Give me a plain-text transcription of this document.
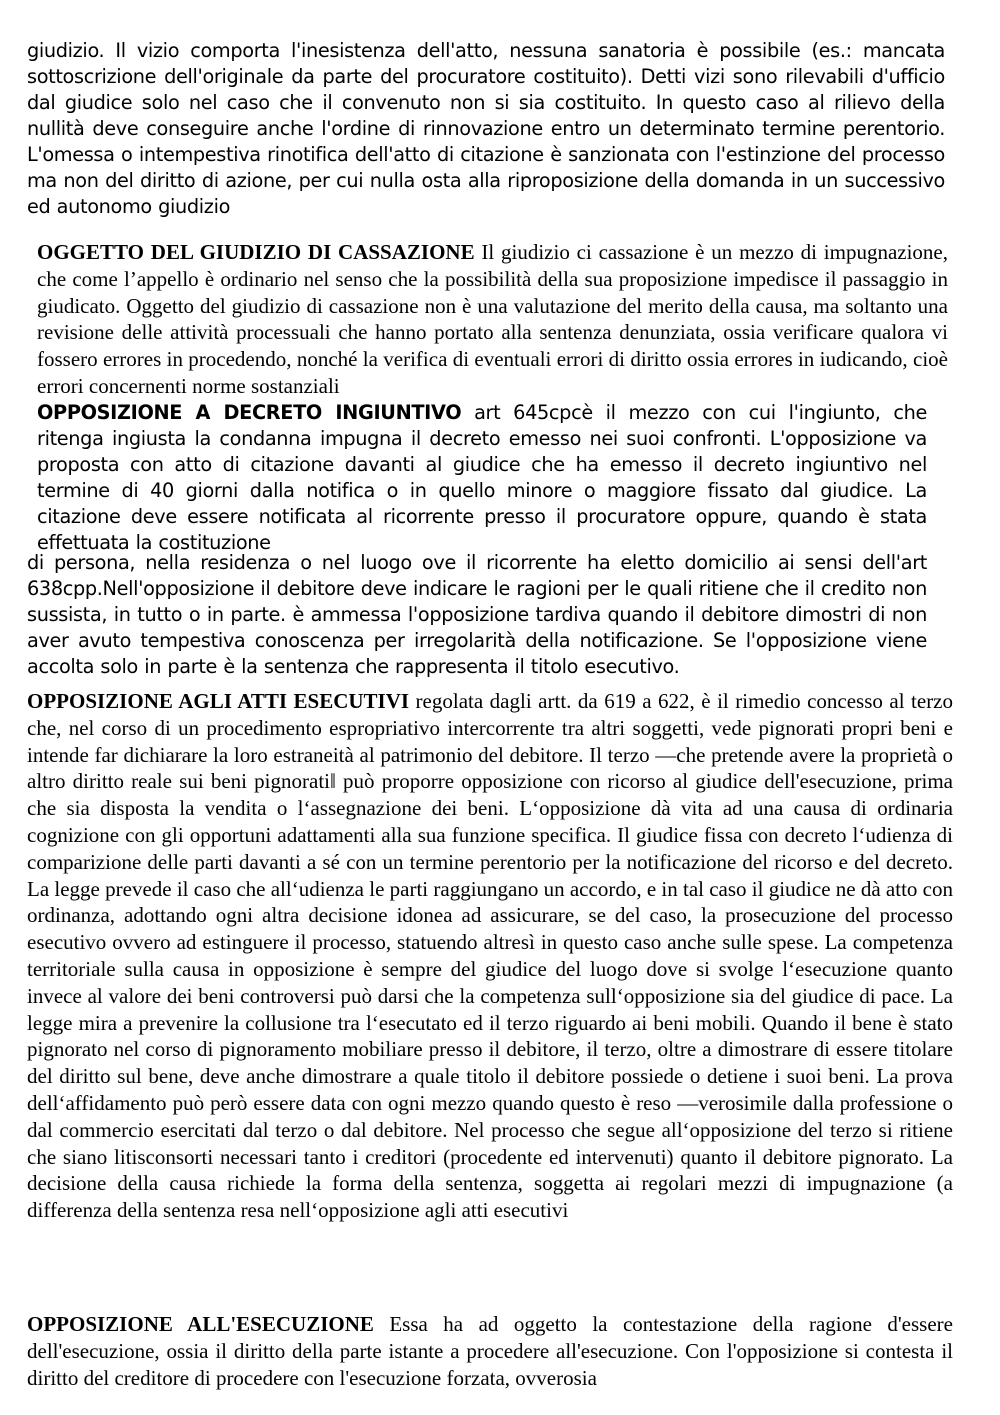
giudizio. Il vizio comporta l'inesistenza dell'atto, nessuna sanatoria è possibile (es.: mancata sottoscrizione dell'originale da parte del procuratore costituito). Detti vizi sono rilevabili d'ufficio dal giudice solo nel caso che il convenuto non si sia costituito. In questo caso al rilievo della nullità deve conseguire anche l'ordine di rinnovazione entro un determinato termine perentorio. L'omessa o intempestiva rinotifica dell'atto di citazione è sanzionata con l'estinzione del processo ma non del diritto di azione, per cui nulla osta alla riproposizione della domanda in un successivo ed autonomo giudizio

OGGETTO DEL GIUDIZIO DI CASSAZIONE Il giudizio ci cassazione è un mezzo di impugnazione, che come l’appello è ordinario nel senso che la possibilità della sua proposizione impedisce il passaggio in giudicato. Oggetto del giudizio di cassazione non è una valutazione del merito della causa, ma soltanto una revisione delle attività processuali che hanno portato alla sentenza denunziata, ossia verificare qualora vi fossero errores in procedendo, nonché la verifica di eventuali errori di diritto ossia errores in iudicando, cioè errori concernenti norme sostanziali

OPPOSIZIONE A DECRETO INGIUNTIVO art 645cpcè il mezzo con cui l'ingiunto, che ritenga ingiusta la condanna impugna il decreto emesso nei suoi confronti. L'opposizione va proposta con atto di citazione davanti al giudice che ha emesso il decreto ingiuntivo nel termine di 40 giorni dalla notifica o in quello minore o maggiore fissato dal giudice. La citazione deve essere notificata al ricorrente presso il procuratore oppure, quando è stata effettuata la costituzione

di persona, nella residenza o nel luogo ove il ricorrente ha eletto domicilio ai sensi dell'art 638cpp.Nell'opposizione il debitore deve indicare le ragioni per le quali ritiene che il credito non sussista, in tutto o in parte. è ammessa l'opposizione tardiva quando il debitore dimostri di non aver avuto tempestiva conoscenza per irregolarità della notificazione. Se l'opposizione viene accolta solo in parte è la sentenza che rappresenta il titolo esecutivo.

OPPOSIZIONE AGLI ATTI ESECUTIVI regolata dagli artt. da 619 a 622, è il rimedio concesso al terzo che, nel corso di un procedimento espropriativo intercorrente tra altri soggetti, vede pignorati propri beni e intende far dichiarare la loro estraneità al patrimonio del debitore. Il terzo ―che pretende avere la proprietà o altro diritto reale sui beni pignorati‖ può proporre opposizione con ricorso al giudice dell'esecuzione, prima che sia disposta la vendita o l‘assegnazione dei beni. L‘opposizione dà vita ad una causa di ordinaria cognizione con gli opportuni adattamenti alla sua funzione specifica. Il giudice fissa con decreto l‘udienza di comparizione delle parti davanti a sé con un termine perentorio per la notificazione del ricorso e del decreto. La legge prevede il caso che all‘udienza le parti raggiungano un accordo, e in tal caso il giudice ne dà atto con ordinanza, adottando ogni altra decisione idonea ad assicurare, se del caso, la prosecuzione del processo esecutivo ovvero ad estinguere il processo, statuendo altresì in questo caso anche sulle spese. La competenza territoriale sulla causa in opposizione è sempre del giudice del luogo dove si svolge l‘esecuzione quanto invece al valore dei beni controversi può darsi che la competenza sull‘opposizione sia del giudice di pace. La legge mira a prevenire la collusione tra l‘esecutato ed il terzo riguardo ai beni mobili. Quando il bene è stato pignorato nel corso di pignoramento mobiliare presso il debitore, il terzo, oltre a dimostrare di essere titolare del diritto sul bene, deve anche dimostrare a quale titolo il debitore possiede o detiene i suoi beni. La prova dell‘affidamento può però essere data con ogni mezzo quando questo è reso ―verosimile dalla professione o dal commercio esercitati dal terzo o dal debitore. Nel processo che segue all‘opposizione del terzo si ritiene che siano litisconsorti necessari tanto i creditori (procedente ed intervenuti) quanto il debitore pignorato. La decisione della causa richiede la forma della sentenza, soggetta ai regolari mezzi di impugnazione (a differenza della sentenza resa nell‘opposizione agli atti esecutivi

OPPOSIZIONE ALL'ESECUZIONE Essa ha ad oggetto la contestazione della ragione d'essere dell'esecuzione, ossia il diritto della parte istante a procedere all'esecuzione. Con l'opposizione si contesta il diritto del creditore di procedere con l'esecuzione forzata, ovverosia
